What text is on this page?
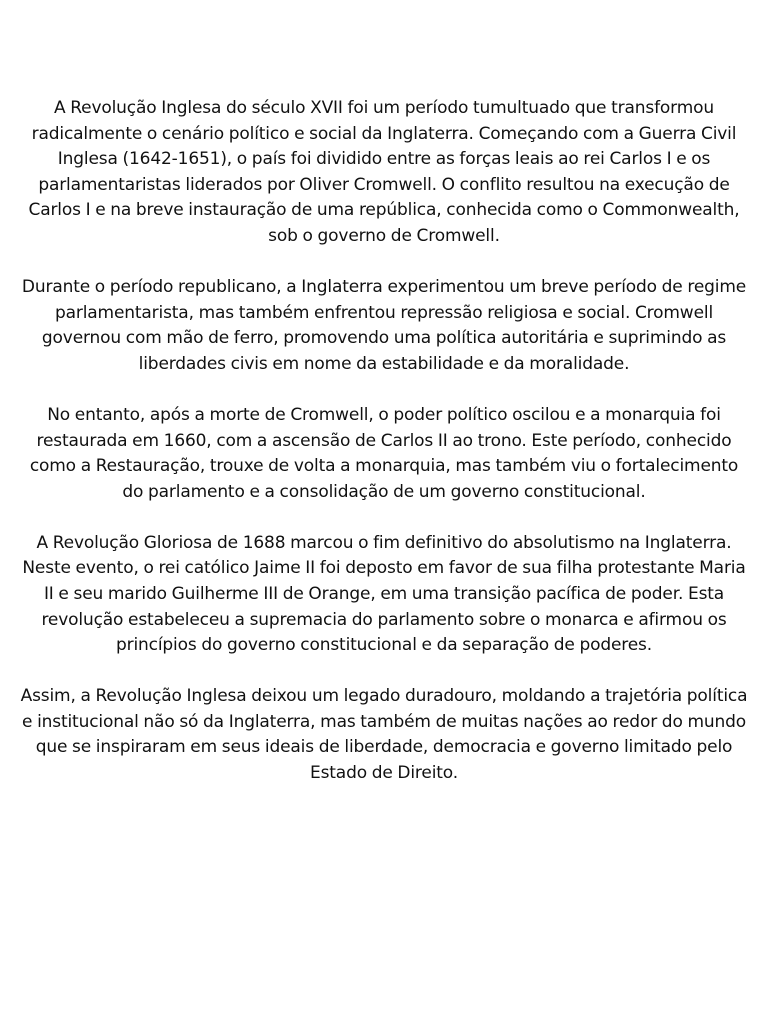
A Revolução Inglesa do século XVII foi um período tumultuado que transformou radicalmente o cenário político e social da Inglaterra. Começando com a Guerra Civil Inglesa (1642-1651), o país foi dividido entre as forças leais ao rei Carlos I e os parlamentaristas liderados por Oliver Cromwell. O conflito resultou na execução de Carlos I e na breve instauração de uma república, conhecida como o Commonwealth, sob o governo de Cromwell.

Durante o período republicano, a Inglaterra experimentou um breve período de regime parlamentarista, mas também enfrentou repressão religiosa e social. Cromwell governou com mão de ferro, promovendo uma política autoritária e suprimindo as liberdades civis em nome da estabilidade e da moralidade.

No entanto, após a morte de Cromwell, o poder político oscilou e a monarquia foi restaurada em 1660, com a ascensão de Carlos II ao trono. Este período, conhecido como a Restauração, trouxe de volta a monarquia, mas também viu o fortalecimento do parlamento e a consolidação de um governo constitucional.

A Revolução Gloriosa de 1688 marcou o fim definitivo do absolutismo na Inglaterra. Neste evento, o rei católico Jaime II foi deposto em favor de sua filha protestante Maria II e seu marido Guilherme III de Orange, em uma transição pacífica de poder. Esta revolução estabeleceu a supremacia do parlamento sobre o monarca e afirmou os princípios do governo constitucional e da separação de poderes.

Assim, a Revolução Inglesa deixou um legado duradouro, moldando a trajetória política e institucional não só da Inglaterra, mas também de muitas nações ao redor do mundo que se inspiraram em seus ideais de liberdade, democracia e governo limitado pelo Estado de Direito.
